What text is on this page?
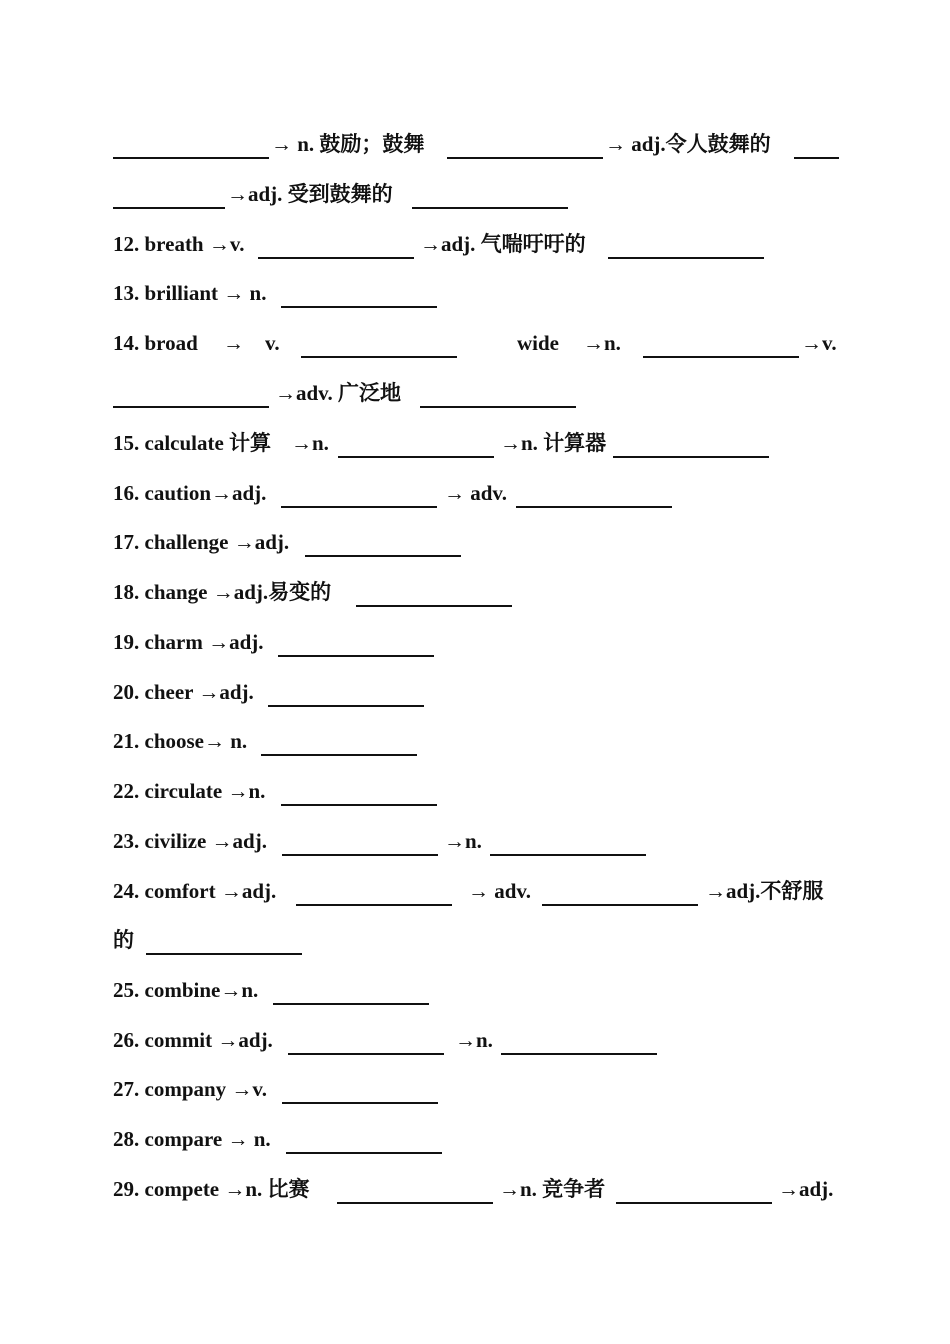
→ n. 鼓励；鼓舞	→ adj.令人鼓舞的
→adj. 受到鼓舞的
12. breath →v.	→adj. 气喘吁吁的
13. brilliant → n.
14. broad → v.	wide →n.	→v.
→adv. 广泛地
15. calculate 计算 →n.	→n. 计算器
16. caution→adj.	→ adv.
17. challenge →adj.
18. change →adj.易变的
19. charm →adj.
20. cheer →adj.
21. choose→ n.
22. circulate →n.
23. civilize →adj.	→n.
24. comfort →adj.	→ adv.	→adj.不舒服
的
25. combine→n.
26. commit →adj.	→n.
27. company →v.
28. compare → n.
29. compete →n. 比赛	→n. 竞争者	→adj.
